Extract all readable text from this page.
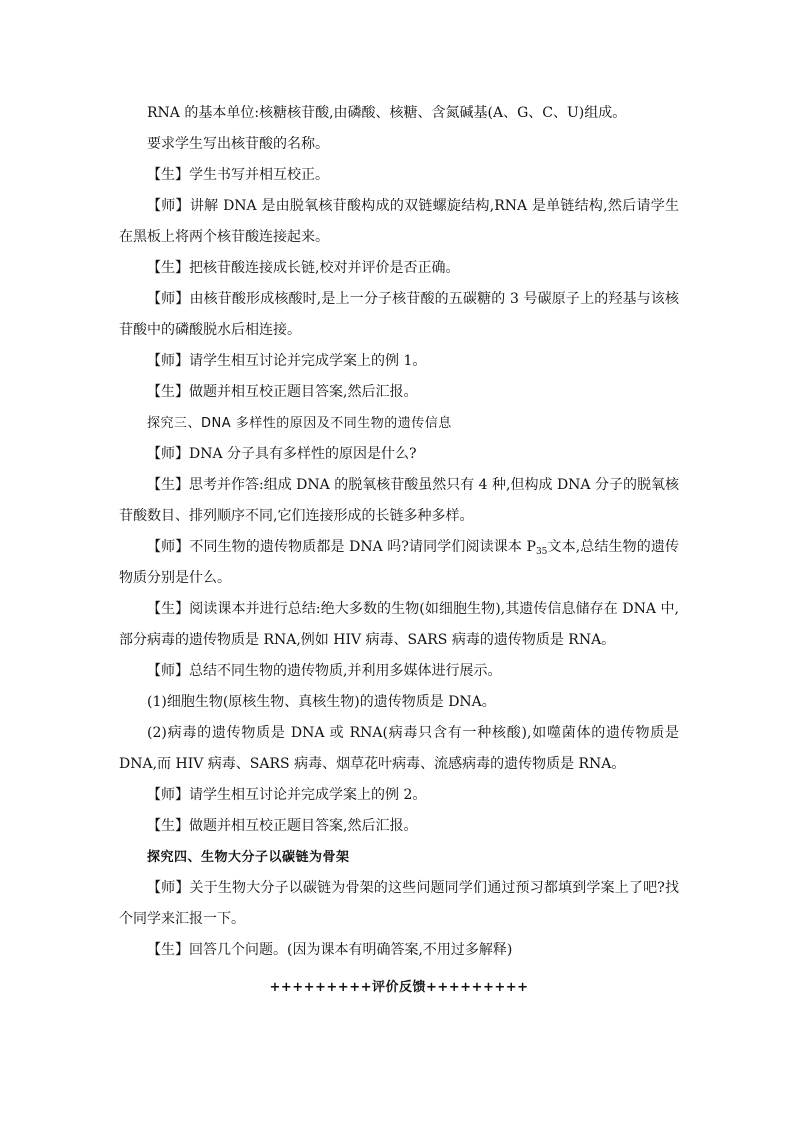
RNA 的基本单位:核糖核苷酸,由磷酸、核糖、含氮碱基(A、G、C、U)组成。

要求学生写出核苷酸的名称。

【生】学生书写并相互校正。

【师】讲解 DNA 是由脱氧核苷酸构成的双链螺旋结构,RNA 是单链结构,然后请学生在黑板上将两个核苷酸连接起来。

【生】把核苷酸连接成长链,校对并评价是否正确。

【师】由核苷酸形成核酸时,是上一分子核苷酸的五碳糖的 3 号碳原子上的羟基与该核苷酸中的磷酸脱水后相连接。

【师】请学生相互讨论并完成学案上的例 1。

【生】做题并相互校正题目答案,然后汇报。

探究三、DNA 多样性的原因及不同生物的遗传信息

【师】DNA 分子具有多样性的原因是什么?

【生】思考并作答:组成 DNA 的脱氧核苷酸虽然只有 4 种,但构成 DNA 分子的脱氧核苷酸数目、排列顺序不同,它们连接形成的长链多种多样。

【师】不同生物的遗传物质都是 DNA 吗?请同学们阅读课本 $P_{35}$文本,总结生物的遗传物质分别是什么。

【生】阅读课本并进行总结:绝大多数的生物(如细胞生物),其遗传信息储存在 DNA 中,部分病毒的遗传物质是 RNA,例如 HIV 病毒、SARS 病毒的遗传物质是 RNA。

【师】总结不同生物的遗传物质,并利用多媒体进行展示。

(1)细胞生物(原核生物、真核生物)的遗传物质是 DNA。

(2)病毒的遗传物质是 DNA 或 RNA(病毒只含有一种核酸),如噬菌体的遗传物质是 DNA,而 HIV 病毒、SARS 病毒、烟草花叶病毒、流感病毒的遗传物质是 RNA。

【师】请学生相互讨论并完成学案上的例 2。

【生】做题并相互校正题目答案,然后汇报。

探究四、生物大分子以碳链为骨架

【师】关于生物大分子以碳链为骨架的这些问题同学们通过预习都填到学案上了吧?找个同学来汇报一下。

【生】回答几个问题。(因为课本有明确答案,不用过多解释)

+++++++++评价反馈+++++++++
